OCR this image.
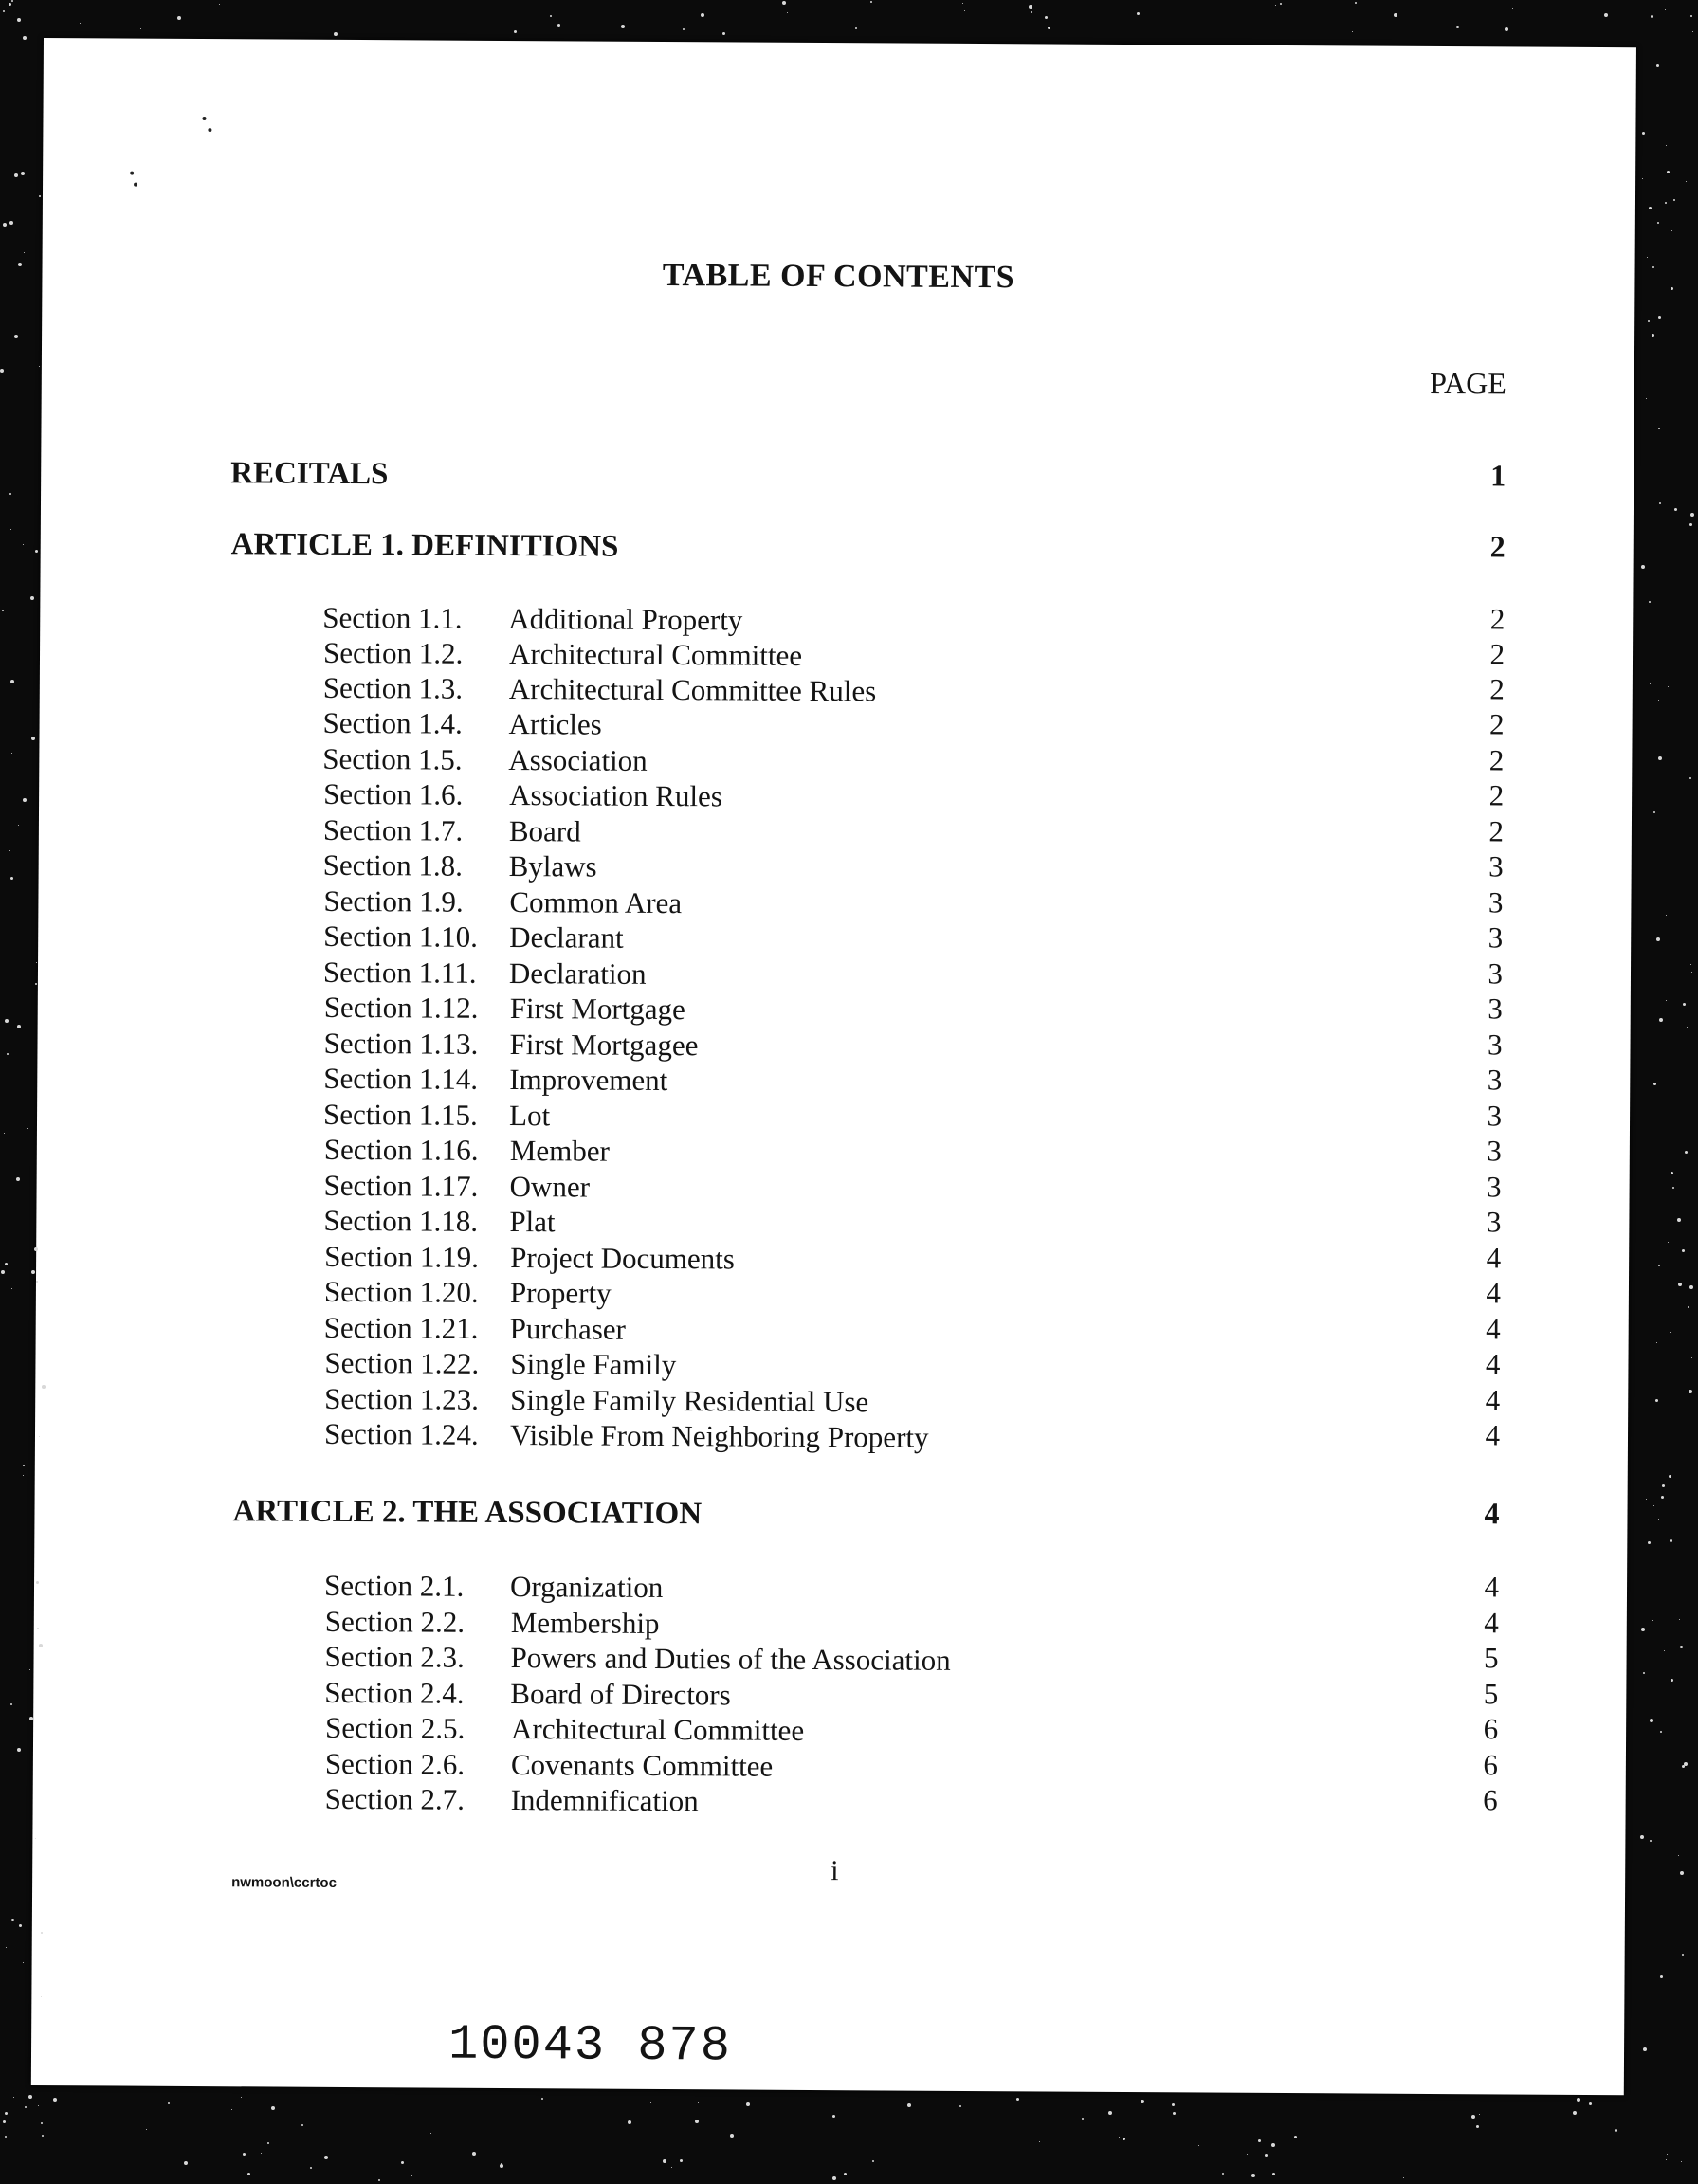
TABLE OF CONTENTS
PAGE
nwmoon\ccrtoc	i
10043 878
RECITALS	1
ARTICLE 1. DEFINITIONS	2
Section 1.1. Additional Property	2
Section 1.2. Architectural Committee	2
Section 1.3. Architectural Committee Rules	2
Section 1.4. Articles	2
Section 1.5. Association	2
Section 1.6. Association Rules	2
Section 1.7. Board	2
Section 1.8. Bylaws	3
Section 1.9. Common Area	3
Section 1.10. Declarant	3
Section 1.11. Declaration	3
Section 1.12. First Mortgage	3
Section 1.13. First Mortgagee	3
Section 1.14. Improvement	3
Section 1.15. Lot	3
Section 1.16. Member	3
Section 1.17. Owner	3
Section 1.18. Plat	3
Section 1.19. Project Documents	4
Section 1.20. Property	4
Section 1.21. Purchaser	4
Section 1.22. Single Family	4
Section 1.23. Single Family Residential Use	4
Section 1.24. Visible From Neighboring Property	4
ARTICLE 2. THE ASSOCIATION	4
Section 2.1. Organization	4
Section 2.2. Membership	4
Section 2.3. Powers and Duties of the Association	5
Section 2.4. Board of Directors	5
Section 2.5. Architectural Committee	6
Section 2.6. Covenants Committee	6
Section 2.7. Indemnification	6
